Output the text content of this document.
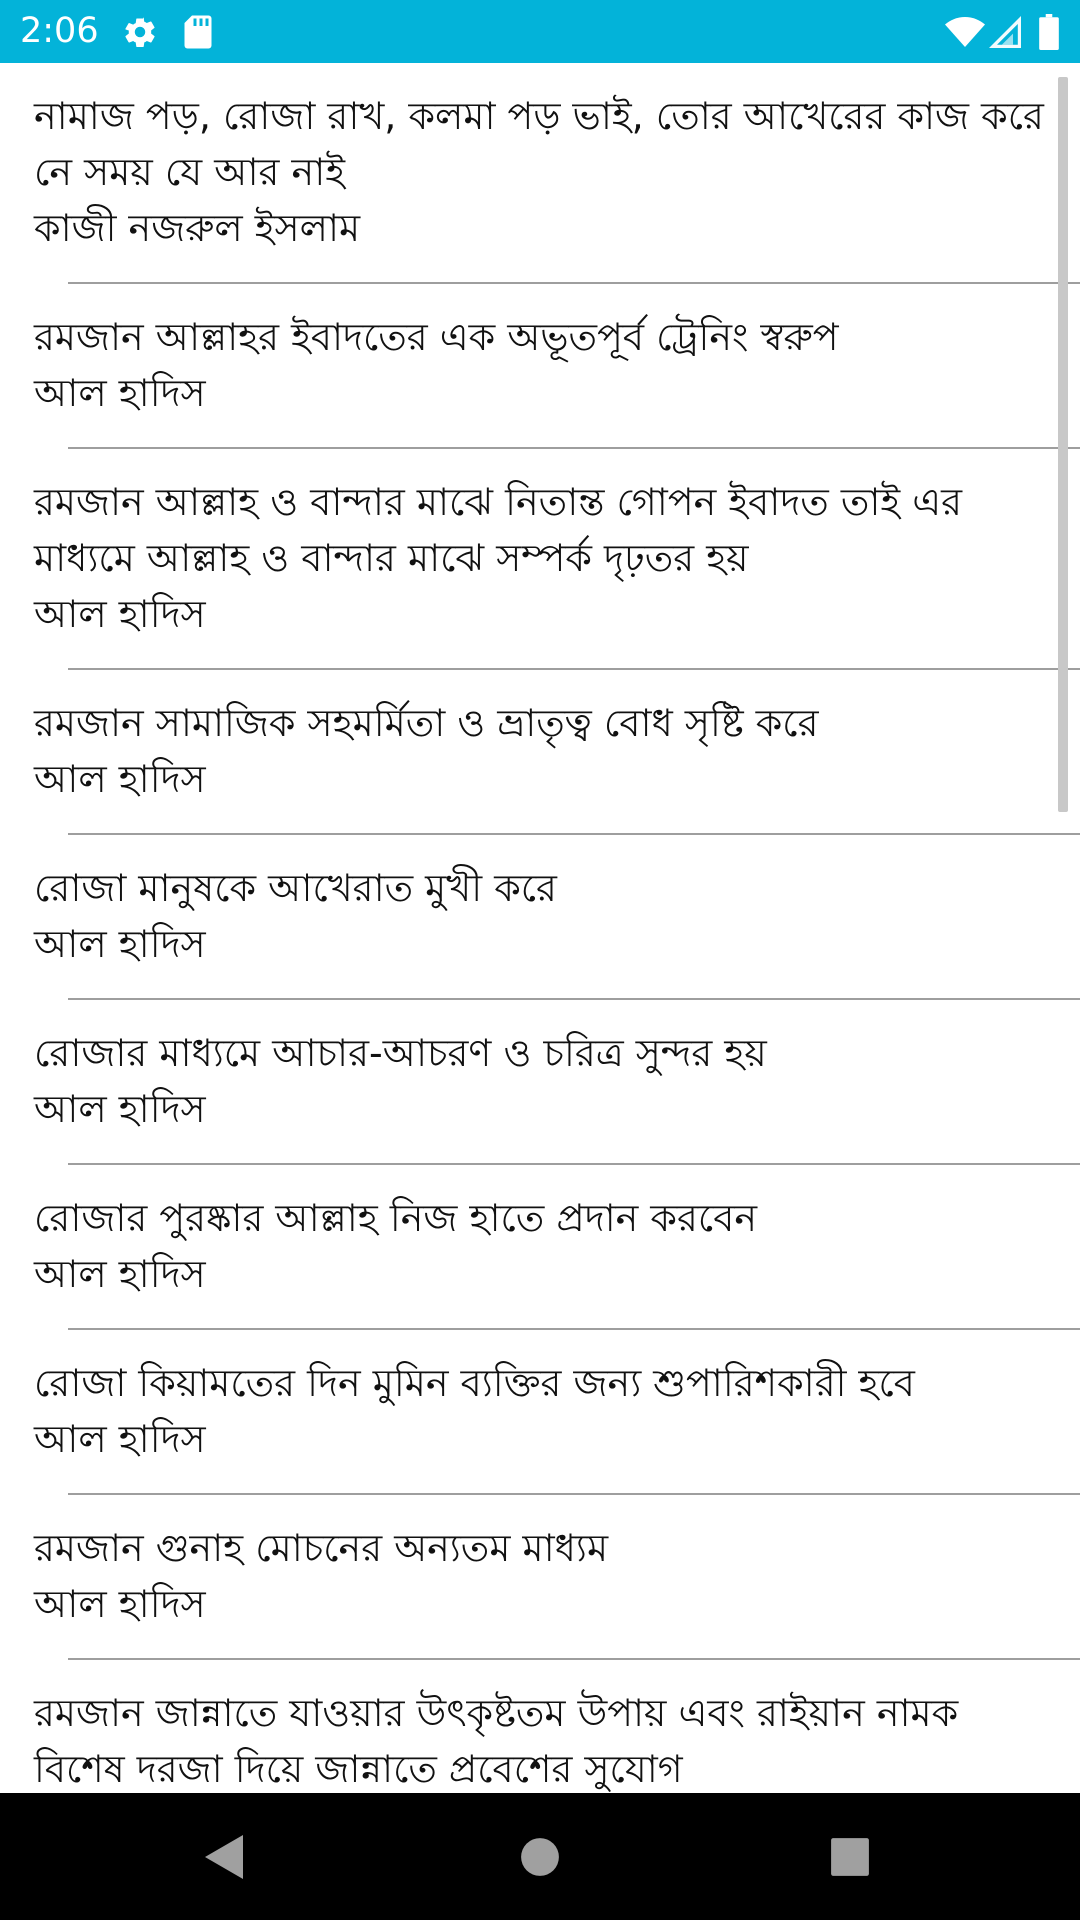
2:06
নামাজ পড়, রোজা রাখ, কলমা পড় ভাই, তোর আখেরের কাজ করে নে সময় যে আর নাই
কাজী নজরুল ইসলাম
রমজান আল্লাহর ইবাদতের এক অভূতপূর্ব ট্রেনিং স্বরুপ
আল হাদিস
রমজান আল্লাহ ও বান্দার মাঝে নিতান্ত গোপন ইবাদত তাই এর মাধ্যমে আল্লাহ ও বান্দার মাঝে সম্পর্ক দৃঢ়তর হয়
আল হাদিস
রমজান সামাজিক সহমর্মিতা ও ভ্রাতৃত্ব বোধ সৃষ্টি করে
আল হাদিস
রোজা মানুষকে আখেরাত মুখী করে
আল হাদিস
রোজার মাধ্যমে আচার-আচরণ ও চরিত্র সুন্দর হয়
আল হাদিস
রোজার পুরষ্কার আল্লাহ নিজ হাতে প্রদান করবেন
আল হাদিস
রোজা কিয়ামতের দিন মুমিন ব্যক্তির জন্য শুপারিশকারী হবে
আল হাদিস
রমজান গুনাহ মোচনের অন্যতম মাধ্যম
আল হাদিস
রমজান জান্নাতে যাওয়ার উৎকৃষ্টতম উপায় এবং রাইয়ান নামক বিশেষ দরজা দিয়ে জান্নাতে প্রবেশের সুযোগ
